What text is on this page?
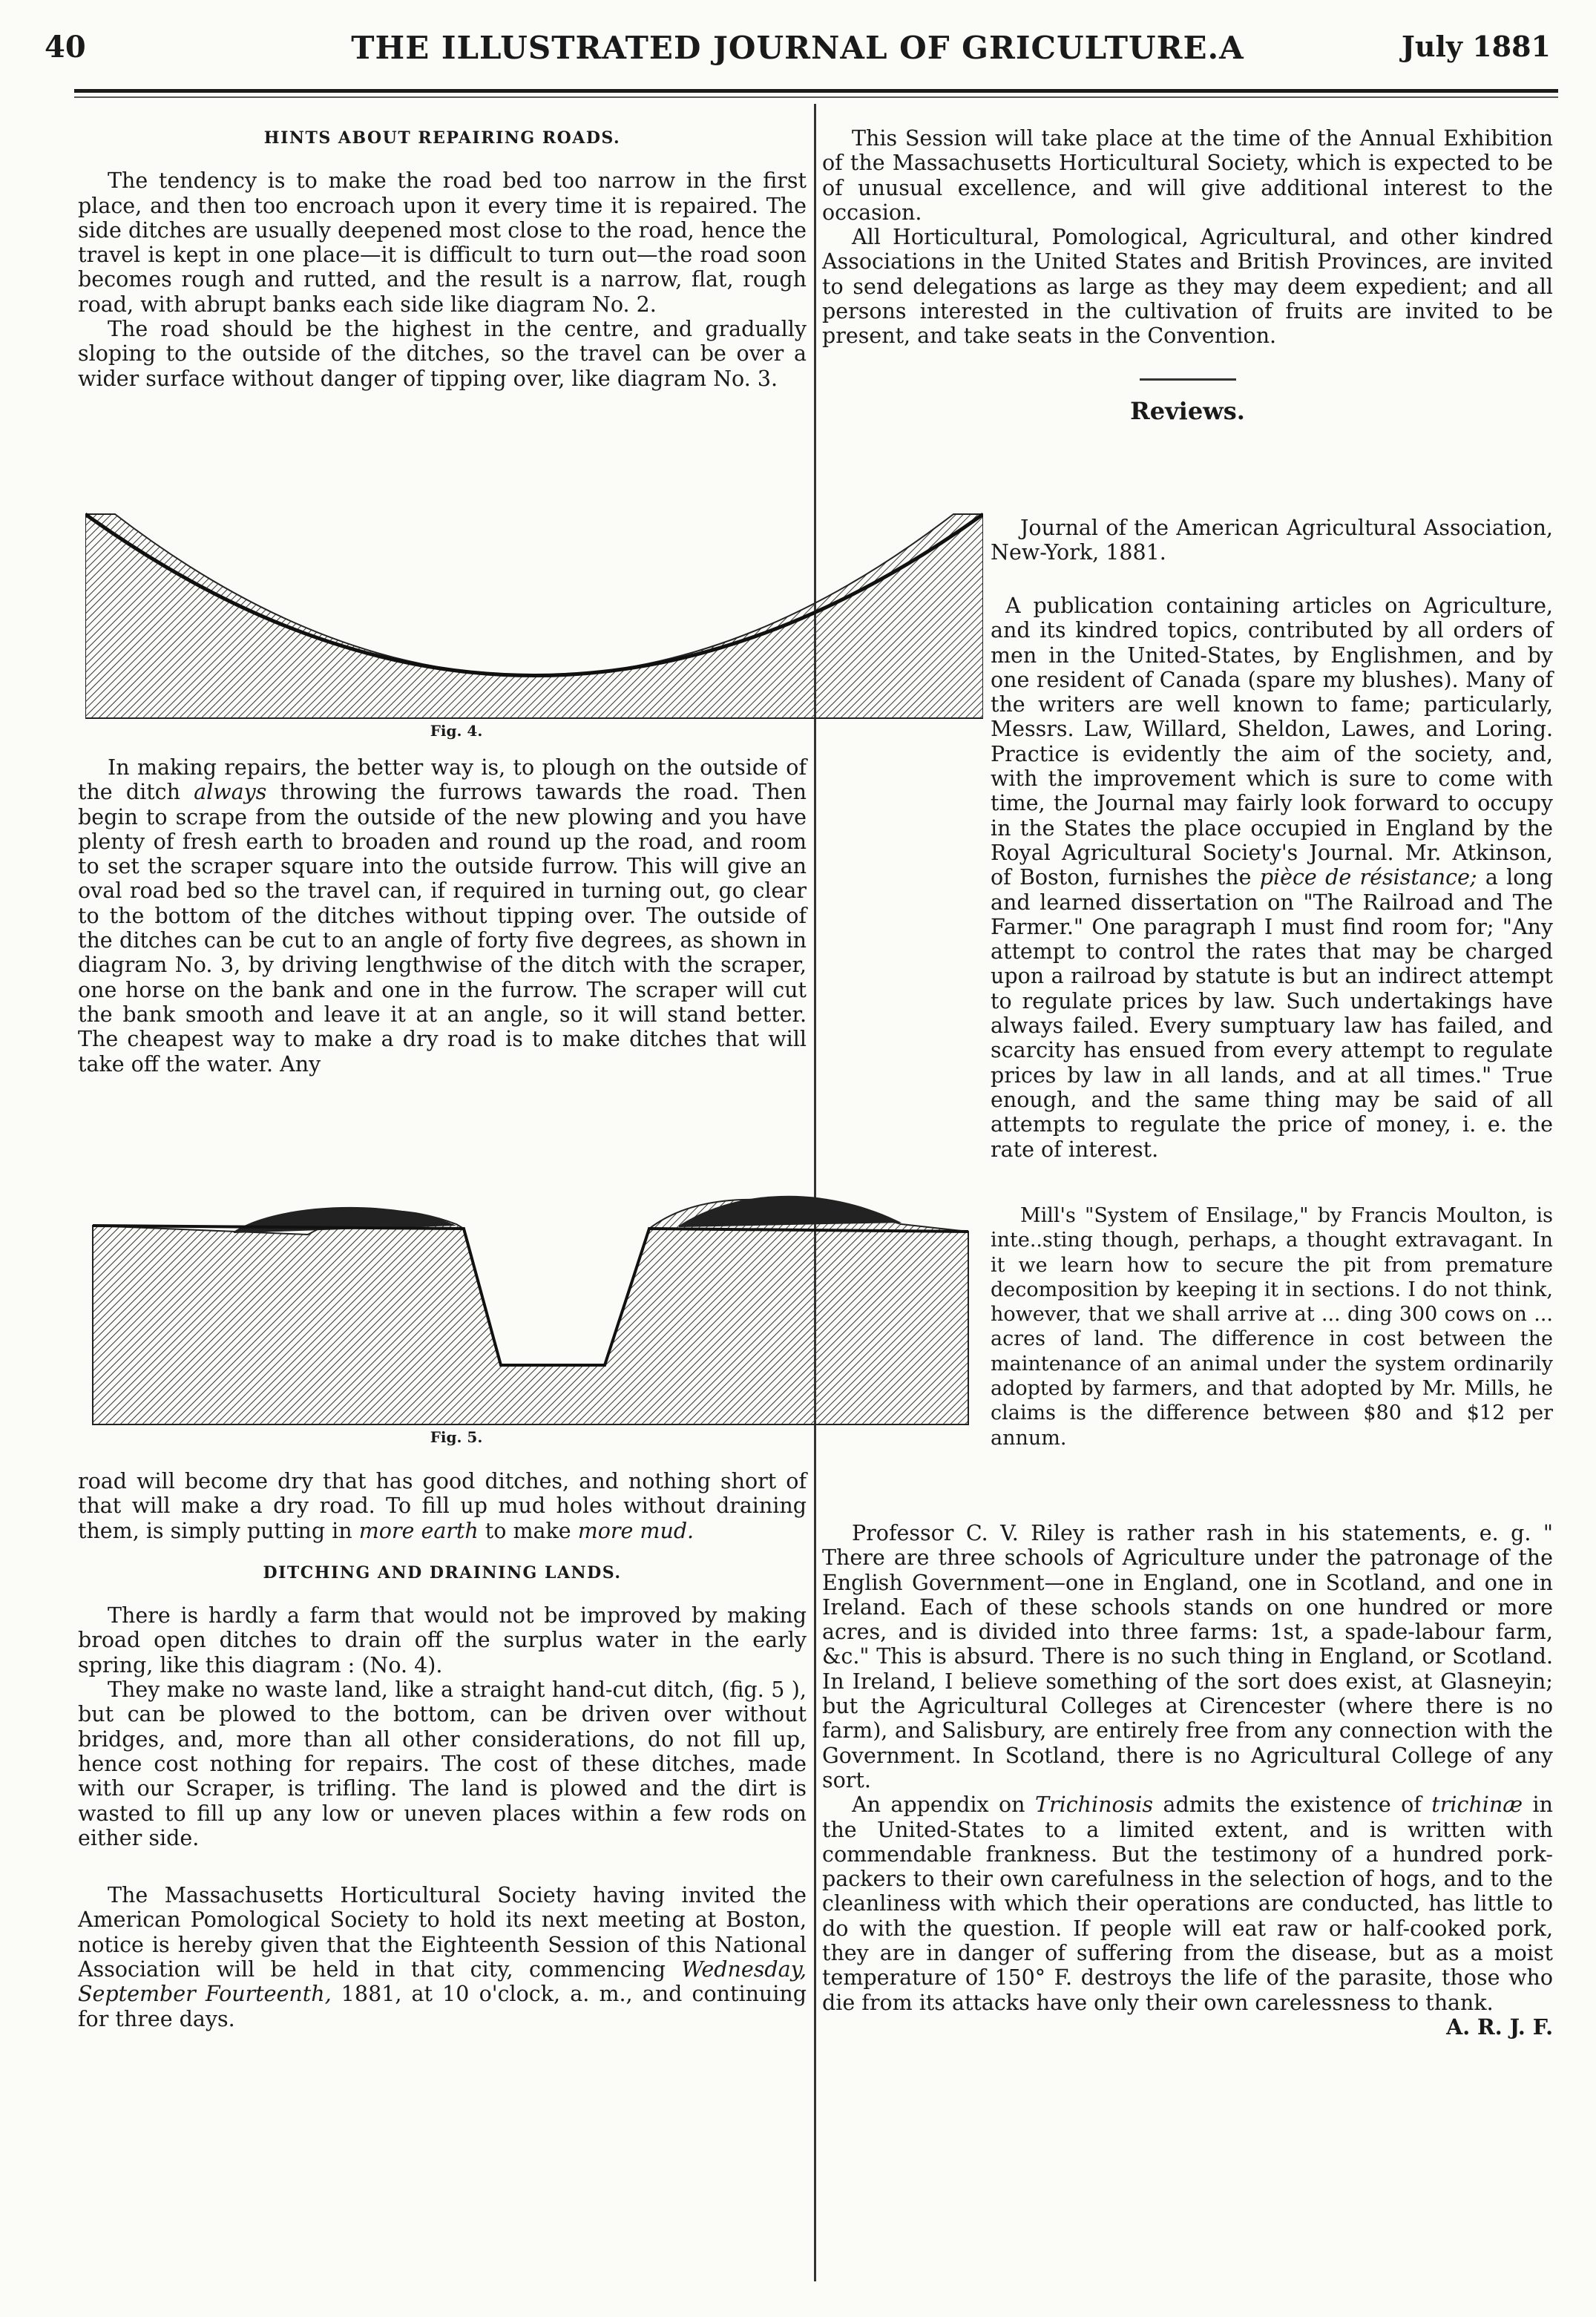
40	THE ILLUSTRATED JOURNAL OF GRICULTURE.A	July 1881

HINTS ABOUT REPAIRING ROADS.

The tendency is to make the road bed too narrow in the first place, and then too encroach upon it every time it is repaired. The side ditches are usually deepened most close to the road, hence the travel is kept in one place—it is difficult to turn out—the road soon becomes rough and rutted, and the result is a narrow, flat, rough road, with abrupt banks each side like diagram No. 2.

The road should be the highest in the centre, and gradually sloping to the outside of the ditches, so the travel can be over a wider surface without danger of tipping over, like diagram No. 3.

Fig. 4.

In making repairs, the better way is, to plough on the outside of the ditch always throwing the furrows tawards the road. Then begin to scrape from the outside of the new plowing and you have plenty of fresh earth to broaden and round up the road, and room to set the scraper square into the outside furrow. This will give an oval road bed so the travel can, if required in turning out, go clear to the bottom of the ditches without tipping over. The outside of the ditches can be cut to an angle of forty five degrees, as shown in diagram No. 3, by driving lengthwise of the ditch with the scraper, one horse on the bank and one in the furrow. The scraper will cut the bank smooth and leave it at an angle, so it will stand better. The cheapest way to make a dry road is to make ditches that will take off the water. Any

Fig. 5.

road will become dry that has good ditches, and nothing short of that will make a dry road. To fill up mud holes without draining them, is simply putting in more earth to make more mud.

DITCHING AND DRAINING LANDS.

There is hardly a farm that would not be improved by making broad open ditches to drain off the surplus water in the early spring, like this diagram : (No. 4).

They make no waste land, like a straight hand-cut ditch, (fig. 5 ), but can be plowed to the bottom, can be driven over without bridges, and, more than all other considerations, do not fill up, hence cost nothing for repairs. The cost of these ditches, made with our Scraper, is trifling. The land is plowed and the dirt is wasted to fill up any low or uneven places within a few rods on either side.

The Massachusetts Horticultural Society having invited the American Pomological Society to hold its next meeting at Boston, notice is hereby given that the Eighteenth Session of this National Association will be held in that city, commencing Wednesday, September Fourteenth, 1881, at 10 o'clock, a. m., and continuing for three days.

This Session will take place at the time of the Annual Exhibition of the Massachusetts Horticultural Society, which is expected to be of unusual excellence, and will give additional interest to the occasion.

All Horticultural, Pomological, Agricultural, and other kindred Associations in the United States and British Provinces, are invited to send delegations as large as they may deem expedient; and all persons interested in the cultivation of fruits are invited to be present, and take seats in the Convention.

Reviews.

Journal of the American Agricultural Association, New-York, 1881.

A publication containing articles on Agriculture, and its kindred topics, contributed by all orders of men in the United-States, by Englishmen, and by one resident of Canada (spare my blushes). Many of the writers are well known to fame; particularly, Messrs. Law, Willard, Sheldon, Lawes, and Loring. Practice is evidently the aim of the society, and, with the improvement which is sure to come with time, the Journal may fairly look forward to occupy in the States the place occupied in England by the Royal Agricultural Society's Journal. Mr. Atkinson, of Boston, furnishes the pièce de résistance; a long and learned dissertation on "The Railroad and The Farmer." One paragraph I must find room for; "Any attempt to control the rates that may be charged upon a railroad by statute is but an indirect attempt to regulate prices by law. Such undertakings have always failed. Every sumptuary law has failed, and scarcity has ensued from every attempt to regulate prices by law in all lands, and at all times." True enough, and the same thing may be said of all attempts to regulate the price of money, i. e. the rate of interest.

Mill's "System of Ensilage," by Francis Moulton, is inte..sting though, perhaps, a thought extravagant. In it we learn how to secure the pit from premature decomposition by keeping it in sections. I do not think, however, that we shall arrive at ... ding 300 cows on ... acres of land. The difference in cost between the maintenance of an animal under the system ordinarily adopted by farmers, and that adopted by Mr. Mills, he claims is the difference between $80 and $12 per annum.

Professor C. V. Riley is rather rash in his statements, e. g. " There are three schools of Agriculture under the patronage of the English Government—one in England, one in Scotland, and one in Ireland. Each of these schools stands on one hundred or more acres, and is divided into three farms: 1st, a spade-labour farm, &c." This is absurd. There is no such thing in England, or Scotland. In Ireland, I believe something of the sort does exist, at Glasneyin; but the Agricultural Colleges at Cirencester (where there is no farm), and Salisbury, are entirely free from any connection with the Government. In Scotland, there is no Agricultural College of any sort.

An appendix on Trichinosis admits the existence of trichinæ in the United-States to a limited extent, and is written with commendable frankness. But the testimony of a hundred pork-packers to their own carefulness in the selection of hogs, and to the cleanliness with which their operations are conducted, has little to do with the question. If people will eat raw or half-cooked pork, they are in danger of suffering from the disease, but as a moist temperature of 150° F. destroys the life of the parasite, those who die from its attacks have only their own carelessness to thank.

A. R. J. F.
